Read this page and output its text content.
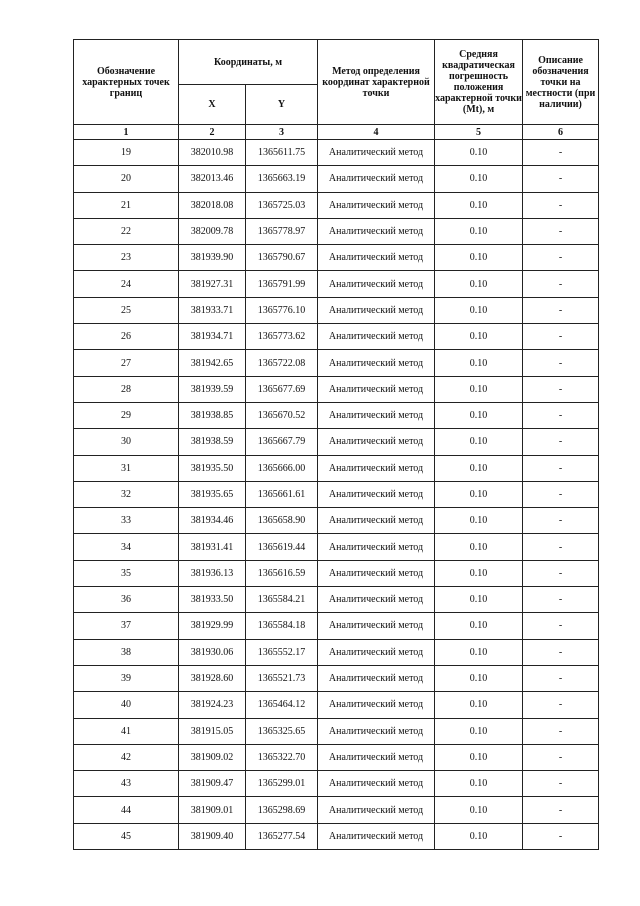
Обозначение характерных точек границ	Координаты, м		Метод определения координат характерной точки	Средняя квадратическая погрешность положения характерной точки (Mt), м	Описание обозначения точки на местности (при наличии)
	X	Y			
1	2	3	4	5	6
19	382010.98	1365611.75	Аналитический метод	0.10	-
20	382013.46	1365663.19	Аналитический метод	0.10	-
21	382018.08	1365725.03	Аналитический метод	0.10	-
22	382009.78	1365778.97	Аналитический метод	0.10	-
23	381939.90	1365790.67	Аналитический метод	0.10	-
24	381927.31	1365791.99	Аналитический метод	0.10	-
25	381933.71	1365776.10	Аналитический метод	0.10	-
26	381934.71	1365773.62	Аналитический метод	0.10	-
27	381942.65	1365722.08	Аналитический метод	0.10	-
28	381939.59	1365677.69	Аналитический метод	0.10	-
29	381938.85	1365670.52	Аналитический метод	0.10	-
30	381938.59	1365667.79	Аналитический метод	0.10	-
31	381935.50	1365666.00	Аналитический метод	0.10	-
32	381935.65	1365661.61	Аналитический метод	0.10	-
33	381934.46	1365658.90	Аналитический метод	0.10	-
34	381931.41	1365619.44	Аналитический метод	0.10	-
35	381936.13	1365616.59	Аналитический метод	0.10	-
36	381933.50	1365584.21	Аналитический метод	0.10	-
37	381929.99	1365584.18	Аналитический метод	0.10	-
38	381930.06	1365552.17	Аналитический метод	0.10	-
39	381928.60	1365521.73	Аналитический метод	0.10	-
40	381924.23	1365464.12	Аналитический метод	0.10	-
41	381915.05	1365325.65	Аналитический метод	0.10	-
42	381909.02	1365322.70	Аналитический метод	0.10	-
43	381909.47	1365299.01	Аналитический метод	0.10	-
44	381909.01	1365298.69	Аналитический метод	0.10	-
45	381909.40	1365277.54	Аналитический метод	0.10	-
